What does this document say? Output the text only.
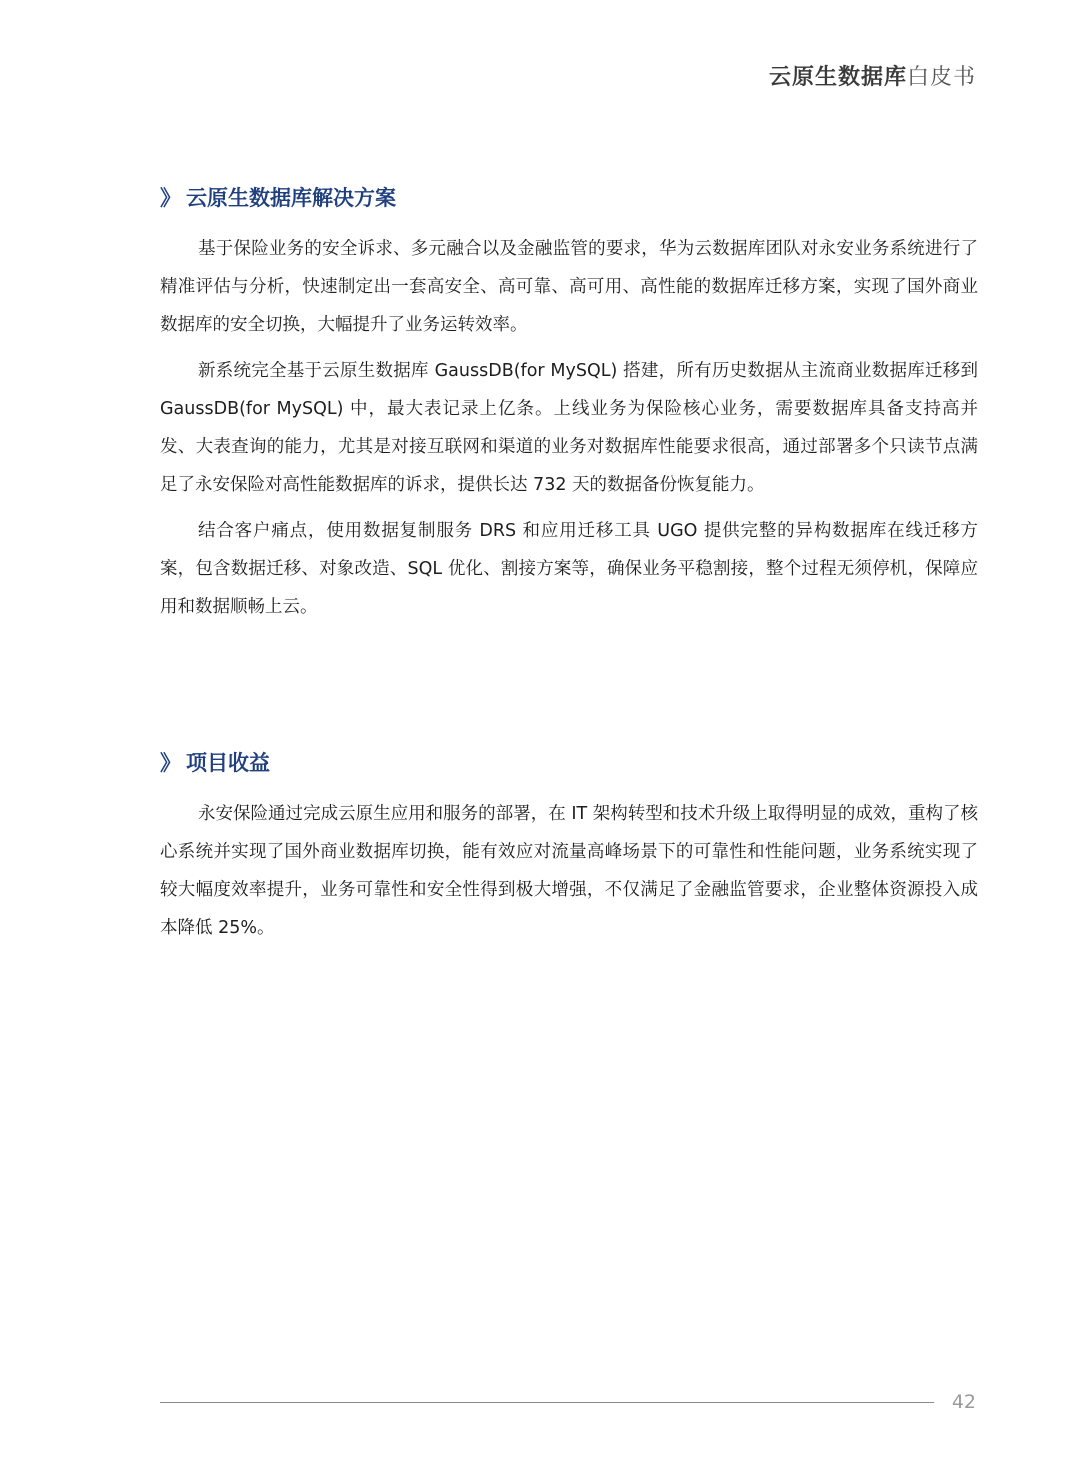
云原生数据库白皮书
》 云原生数据库解决方案

基于保险业务的安全诉求、多元融合以及金融监管的要求，华为云数据库团队对永安业务系统进行了精准评估与分析，快速制定出一套高安全、高可靠、高可用、高性能的数据库迁移方案，实现了国外商业数据库的安全切换，大幅提升了业务运转效率。

新系统完全基于云原生数据库 GaussDB(for MySQL) 搭建，所有历史数据从主流商业数据库迁移到 GaussDB(for MySQL) 中，最大表记录上亿条。上线业务为保险核心业务，需要数据库具备支持高并发、大表查询的能力，尤其是对接互联网和渠道的业务对数据库性能要求很高，通过部署多个只读节点满足了永安保险对高性能数据库的诉求，提供长达 732 天的数据备份恢复能力。

结合客户痛点，使用数据复制服务 DRS 和应用迁移工具 UGO 提供完整的异构数据库在线迁移方案，包含数据迁移、对象改造、SQL 优化、割接方案等，确保业务平稳割接，整个过程无须停机，保障应用和数据顺畅上云。

》 项目收益

永安保险通过完成云原生应用和服务的部署，在 IT 架构转型和技术升级上取得明显的成效，重构了核心系统并实现了国外商业数据库切换，能有效应对流量高峰场景下的可靠性和性能问题，业务系统实现了较大幅度效率提升，业务可靠性和安全性得到极大增强，不仅满足了金融监管要求，企业整体资源投入成本降低 25%。

42
